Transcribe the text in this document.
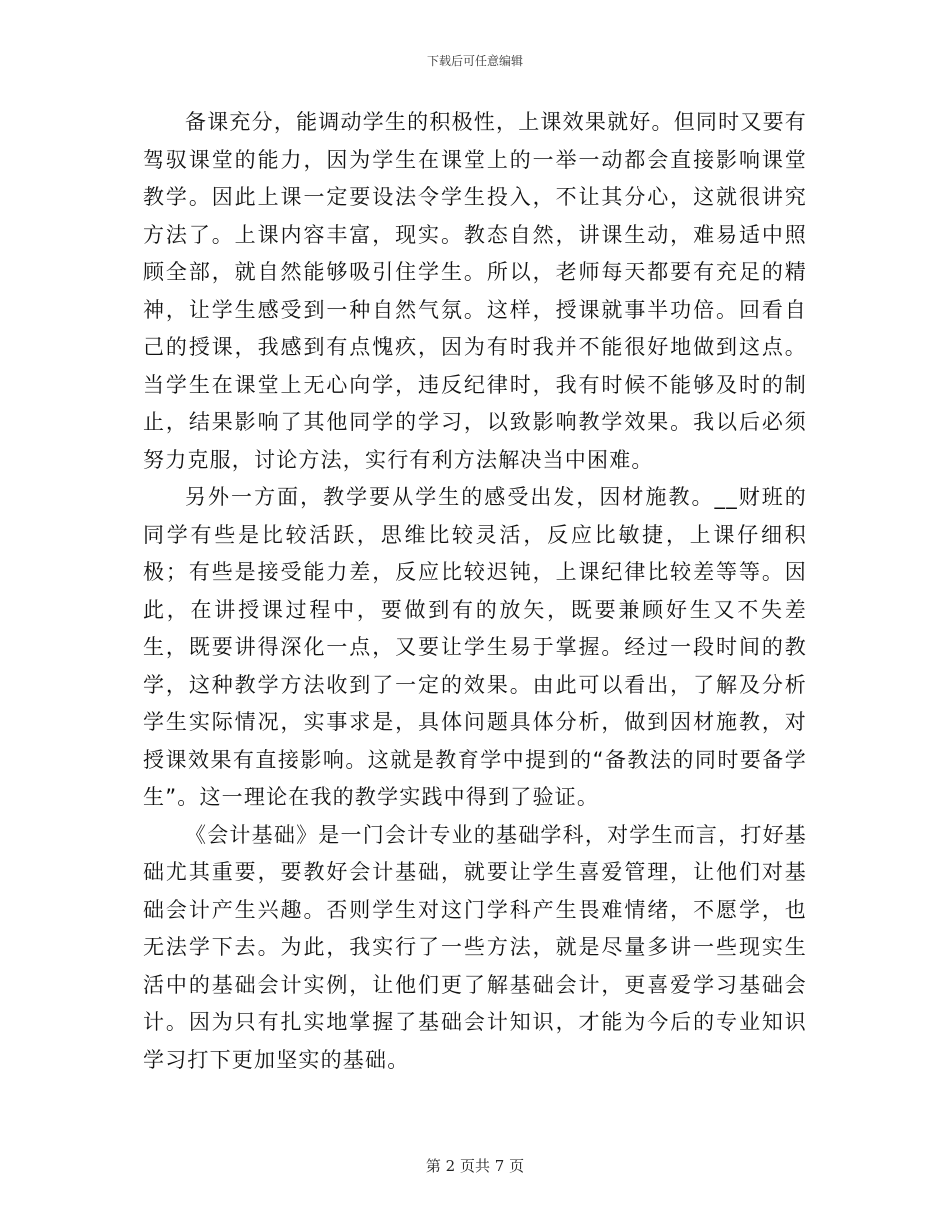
下载后可任意编辑

备课充分，能调动学生的积极性，上课效果就好。但同时又要有驾驭课堂的能力，因为学生在课堂上的一举一动都会直接影响课堂教学。因此上课一定要设法令学生投入，不让其分心，这就很讲究方法了。上课内容丰富，现实。教态自然，讲课生动，难易适中照顾全部，就自然能够吸引住学生。所以，老师每天都要有充足的精神，让学生感受到一种自然气氛。这样，授课就事半功倍。回看自己的授课，我感到有点愧疚，因为有时我并不能很好地做到这点。当学生在课堂上无心向学，违反纪律时，我有时候不能够及时的制止，结果影响了其他同学的学习，以致影响教学效果。我以后必须努力克服，讨论方法，实行有利方法解决当中困难。

另外一方面，教学要从学生的感受出发，因材施教。__财班的同学有些是比较活跃，思维比较灵活，反应比敏捷，上课仔细积极；有些是接受能力差，反应比较迟钝，上课纪律比较差等等。因此，在讲授课过程中，要做到有的放矢，既要兼顾好生又不失差生，既要讲得深化一点，又要让学生易于掌握。经过一段时间的教学，这种教学方法收到了一定的效果。由此可以看出，了解及分析学生实际情况，实事求是，具体问题具体分析，做到因材施教，对授课效果有直接影响。这就是教育学中提到的“备教法的同时要备学生”。这一理论在我的教学实践中得到了验证。

《会计基础》是一门会计专业的基础学科，对学生而言，打好基础尤其重要，要教好会计基础，就要让学生喜爱管理，让他们对基础会计产生兴趣。否则学生对这门学科产生畏难情绪，不愿学，也无法学下去。为此，我实行了一些方法，就是尽量多讲一些现实生活中的基础会计实例，让他们更了解基础会计，更喜爱学习基础会计。因为只有扎实地掌握了基础会计知识，才能为今后的专业知识学习打下更加坚实的基础。

第 2 页共 7 页
